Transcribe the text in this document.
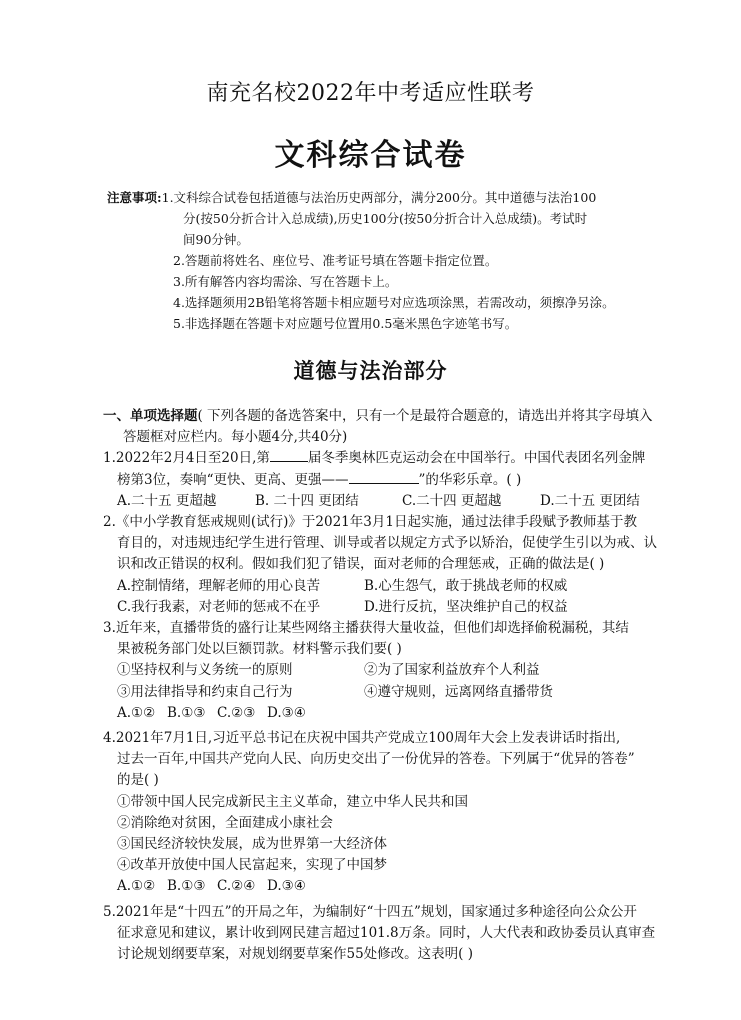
南充名校2022年中考适应性联考
文科综合试卷
注意事项:1.文科综合试卷包括道德与法治历史两部分，满分200分。其中道德与法治100
分(按50分折合计入总成绩),历史100分(按50分折合计入总成绩)。考试时
间90分钟。
2.答题前将姓名、座位号、准考证号填在答题卡指定位置。
3.所有解答内容均需涂、写在答题卡上。
4.选择题须用2B铅笔将答题卡相应题号对应选项涂黑，若需改动，须擦净另涂。
5.非选择题在答题卡对应题号位置用0.5毫米黑色字迹笔书写。
道德与法治部分
一、单项选择题( 下列各题的备选答案中，只有一个是最符合题意的，请选出并将其字母填入
答题框对应栏内。每小题4分,共40分)
1.2022年2月4日至20日,第	届冬季奥林匹克运动会在中国举行。中国代表团名列金牌
榜第3位，奏响“更快、更高、更强——	”的华彩乐章。( )
A.二十五 更超越	B. 二十四 更团结	C.二十四 更超越	D.二十五 更团结
2.《中小学教育惩戒规则(试行)》于2021年3月1日起实施，通过法律手段赋予教师基于教
育目的，对违规违纪学生进行管理、训导或者以规定方式予以矫治，促使学生引以为戒、认
识和改正错误的权利。假如我们犯了错误，面对老师的合理惩戒，正确的做法是( )
A.控制情绪，理解老师的用心良苦	B.心生怨气，敢于挑战老师的权威
C.我行我素，对老师的惩戒不在乎	D.进行反抗，坚决维护自己的权益
3.近年来，直播带货的盛行让某些网络主播获得大量收益，但他们却选择偷税漏税，其结
果被税务部门处以巨额罚款。材料警示我们要( )
①坚持权利与义务统一的原则	②为了国家利益放弃个人利益
③用法律指导和约束自己行为	④遵守规则，远离网络直播带货
A.①② B.①③ C.②③ D.③④
4.2021年7月1日,习近平总书记在庆祝中国共产党成立100周年大会上发表讲话时指出,
过去一百年,中国共产党向人民、向历史交出了一份优异的答卷。下列属于“优异的答卷”
的是( )
①带领中国人民完成新民主主义革命，建立中华人民共和国
②消除绝对贫困，全面建成小康社会
③国民经济较快发展，成为世界第一大经济体
④改革开放使中国人民富起来，实现了中国梦
A.①② B.①③ C.②④ D.③④
5.2021年是“十四五”的开局之年，为编制好“十四五”规划，国家通过多种途径向公众公开
征求意见和建议，累计收到网民建言超过101.8万条。同时，人大代表和政协委员认真审查
讨论规划纲要草案，对规划纲要草案作55处修改。这表明( )
